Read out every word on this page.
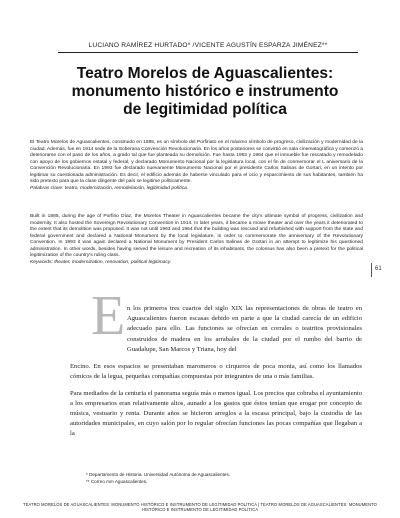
LUCIANO RAMÍREZ HURTADO* /VICENTE AGUSTÍN ESPARZA JIMÉNEZ**
Teatro Morelos de Aguascalientes:
monumento histórico e instrumento
de legitimidad política
El Teatro Morelos de Aguascalientes, construido en 1885, es un símbolo del Porfiriato en el máximo símbolo de progreso, civilización y modernidad de la ciudad. Además, fue en 1914 sede de la Soberana Convención Revolucionaria. En los años posteriores se convirtió en sala cinematográfica y comenzó a deteriorarse con el paso de los años, a grado tal que fue planteada su demolición. Fue hasta 1963 y 1964 que el inmueble fue rescatado y remodelado con apoyo de los gobiernos estatal y federal, y declarado Monumento Nacional por la legislatura local, con el fin de conmemorar el L aniversario de la Convención Revolucionaria. En 1993 fue declarado nuevamente Monumento Nacional por el presidente Carlos Salinas de Gortari, en un intento por legitimar su cuestionada administración. Es decir, el edificio además de haberse vinculado para el ocio y esparcimiento de sus habitantes, también ha sido pretexto para que la clase dirigente del país se legitime políticamente.
Palabras clave: teatro, modernización, remodelación, legitimidad política.
Built in 1885, during the age of Porfirio Díaz, the Morelos Theater in Aguascalientes became the city's ultimate symbol of progress, civilization and modernity. It also hosted the Sovereign Revolutionary Convention in 1914. In later years, it became a movie theater and over the years it deteriorated to the extent that its demolition was proposed. It was not until 1963 and 1964 that the building was rescued and refurbished with support from the state and federal government and declared a National Monument by the local legislature, in order to commemorate the anniversary of the Revolutionary Convention. In 1993 it was again declared a National Monument by President Carlos Salinas de Gortari in an attempt to legitimize his questioned administration. In other words, besides having served the leisure and recreation of its inhabitants, the colossus has also been a pretext for the political legitimization of the country's ruling class.
Keywords: theater, modernization, renovation, political legitimacy.
61
E n los primeros tres cuartos del siglo XIX las representaciones de obras de teatro en Aguascalientes fueron escasas debido en parte a que la ciudad carecía de un edificio adecuado para ello. Las funciones se ofrecían en corrales o teatritos provisionales construidos de madera en los arrabales de la ciudad por el rumbo del barrio de Guadalupe, San Marcos y Triana, hoy del

Encino. En esos espacios se presentaban maromeros o cirqueros de poca monta, así como los llamados cómicos de la legua, pequeñas compañías compuestas por integrantes de una o más familias.

Para mediados de la centuria el panorama seguía más o menos igual. Los precios que cobraba el ayuntamiento a los empresarios eran relativamente altos, aunado a los gastos que éstos tenían que erogar por concepto de música, vestuario y renta. Durante años se hicieron arreglos a la escasa principal, bajo la custodia de las autoridades municipales, en cuyo salón por lo regular ofrecían funciones las pocas compañías que llegaban a la

* Departamento de Historia. Universidad Autónoma de Aguascalientes.
** Correo mm Aguascalientes.
TEATRO MORELOS DE AGUASCALIENTES: MONUMENTO HISTÓRICO E INSTRUMENTO DE LEGITIMIDAD POLÍTICA | TEATRO MORELOS DE AGUASCALIENTES: MONUMENTO HISTÓRICO E INSTRUMENTO DE LEGITIMIDAD POLÍTICA
